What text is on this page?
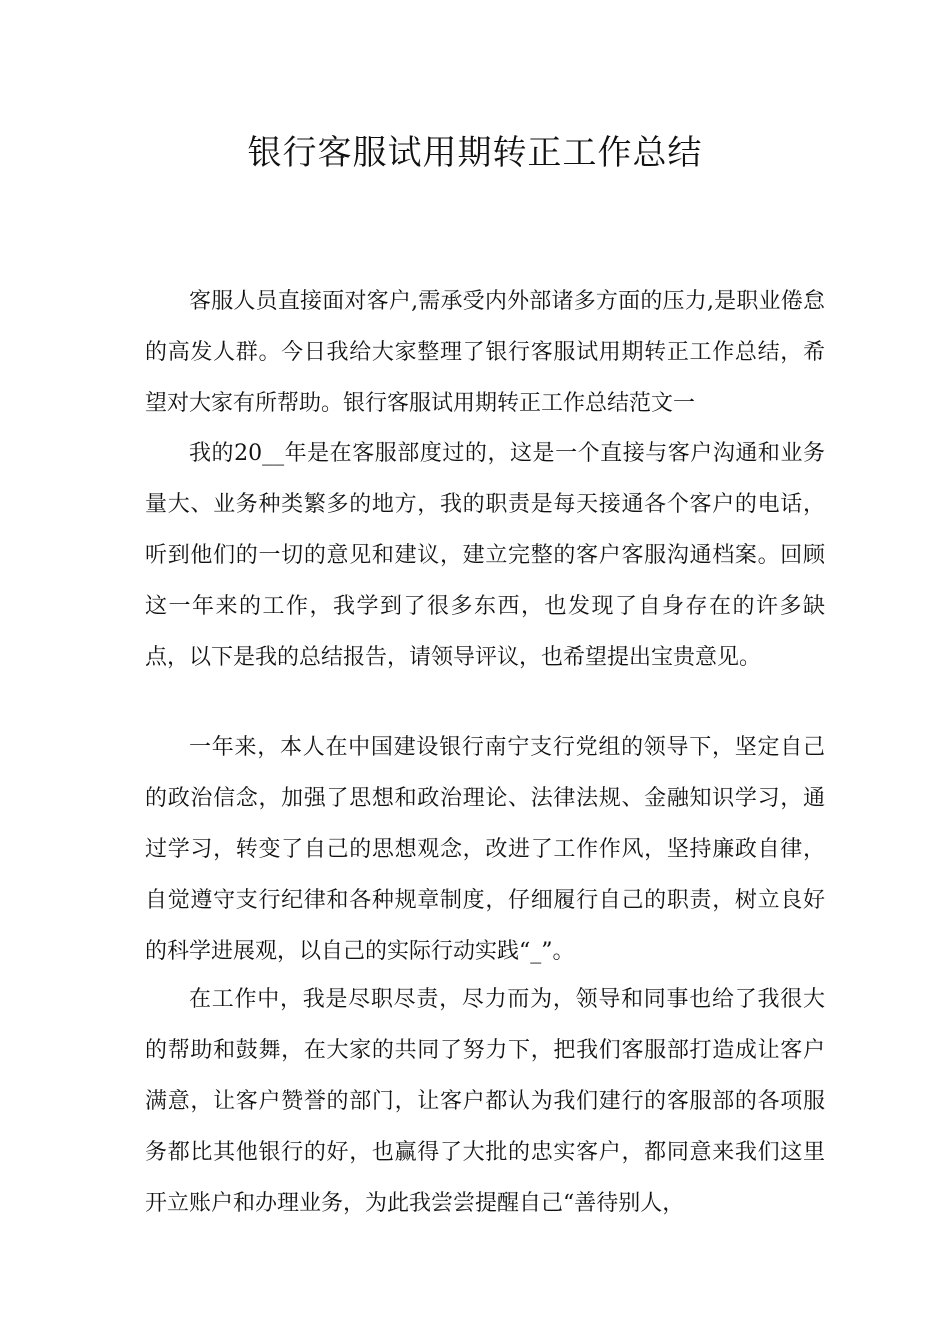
银行客服试用期转正工作总结

客服人员直接面对客户,需承受内外部诸多方面的压力,是职业倦怠的高发人群。今日我给大家整理了银行客服试用期转正工作总结，希望对大家有所帮助。银行客服试用期转正工作总结范文一

我的20__年是在客服部度过的，这是一个直接与客户沟通和业务量大、业务种类繁多的地方，我的职责是每天接通各个客户的电话，听到他们的一切的意见和建议，建立完整的客户客服沟通档案。回顾这一年来的工作，我学到了很多东西，也发现了自身存在的许多缺点，以下是我的总结报告，请领导评议，也希望提出宝贵意见。

一年来，本人在中国建设银行南宁支行党组的领导下，坚定自己的政治信念，加强了思想和政治理论、法律法规、金融知识学习，通过学习，转变了自己的思想观念，改进了工作作风，坚持廉政自律，自觉遵守支行纪律和各种规章制度，仔细履行自己的职责，树立良好的科学进展观，以自己的实际行动实践“_”。

在工作中，我是尽职尽责，尽力而为，领导和同事也给了我很大的帮助和鼓舞，在大家的共同了努力下，把我们客服部打造成让客户满意，让客户赞誉的部门，让客户都认为我们建行的客服部的各项服务都比其他银行的好，也赢得了大批的忠实客户，都同意来我们这里开立账户和办理业务，为此我尝尝提醒自己“善待别人，
